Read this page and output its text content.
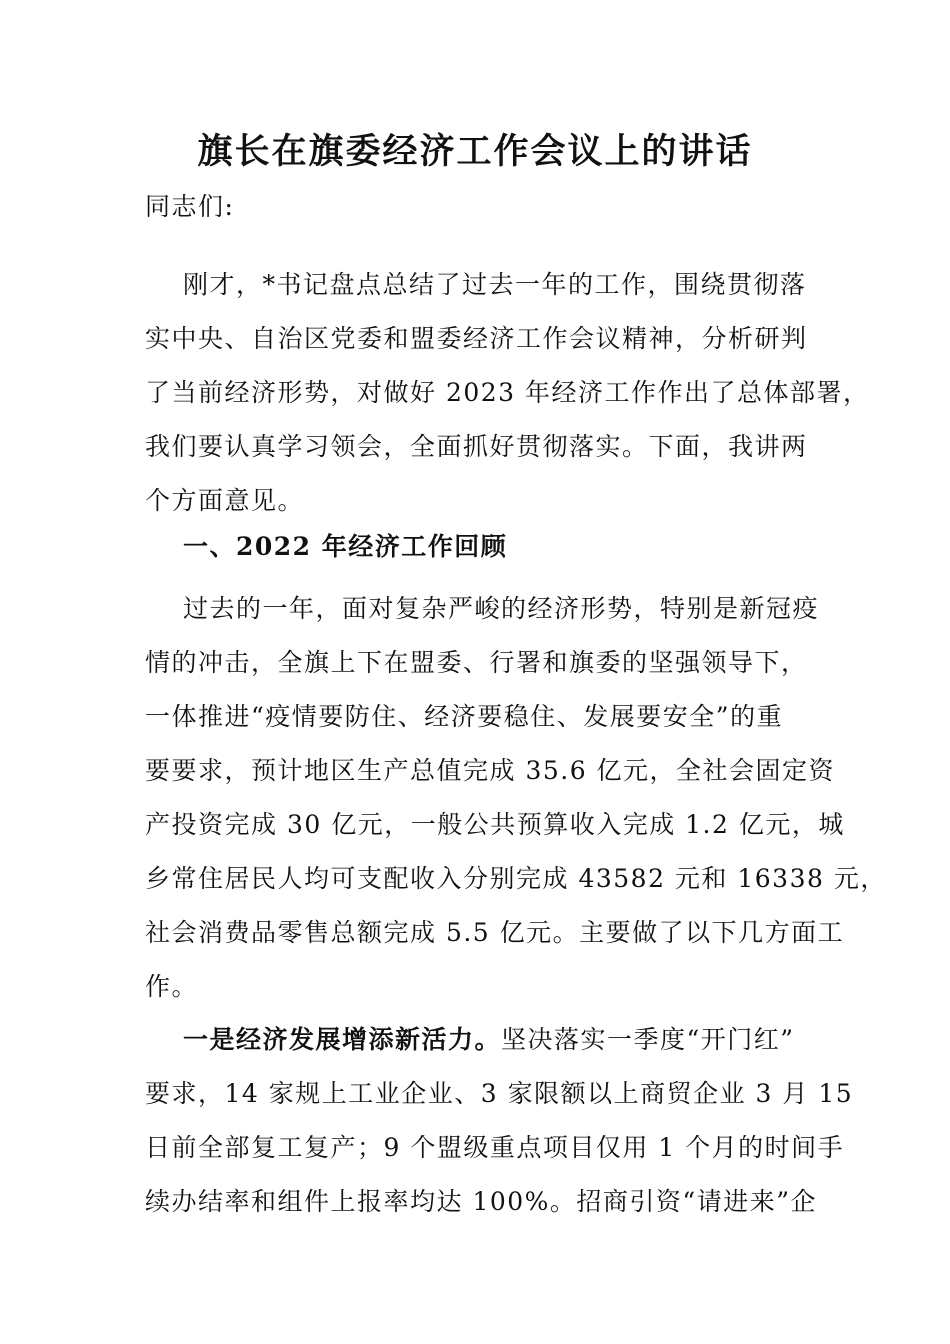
旗长在旗委经济工作会议上的讲话
同志们:
刚才，*书记盘点总结了过去一年的工作，围绕贯彻落
实中央、自治区党委和盟委经济工作会议精神，分析研判
了当前经济形势，对做好 2023 年经济工作作出了总体部署，
我们要认真学习领会，全面抓好贯彻落实。下面，我讲两
个方面意见。
一、2022 年经济工作回顾
过去的一年，面对复杂严峻的经济形势，特别是新冠疫
情的冲击，全旗上下在盟委、行署和旗委的坚强领导下，
一体推进“疫情要防住、经济要稳住、发展要安全”的重
要要求，预计地区生产总值完成 35.6 亿元，全社会固定资
产投资完成 30 亿元，一般公共预算收入完成 1.2 亿元，城
乡常住居民人均可支配收入分别完成 43582 元和 16338 元，
社会消费品零售总额完成 5.5 亿元。主要做了以下几方面工
作。
一是经济发展增添新活力。坚决落实一季度“开门红”
要求，14 家规上工业企业、3 家限额以上商贸企业 3 月 15
日前全部复工复产；9 个盟级重点项目仅用 1 个月的时间手
续办结率和组件上报率均达 100%。招商引资“请进来”企
